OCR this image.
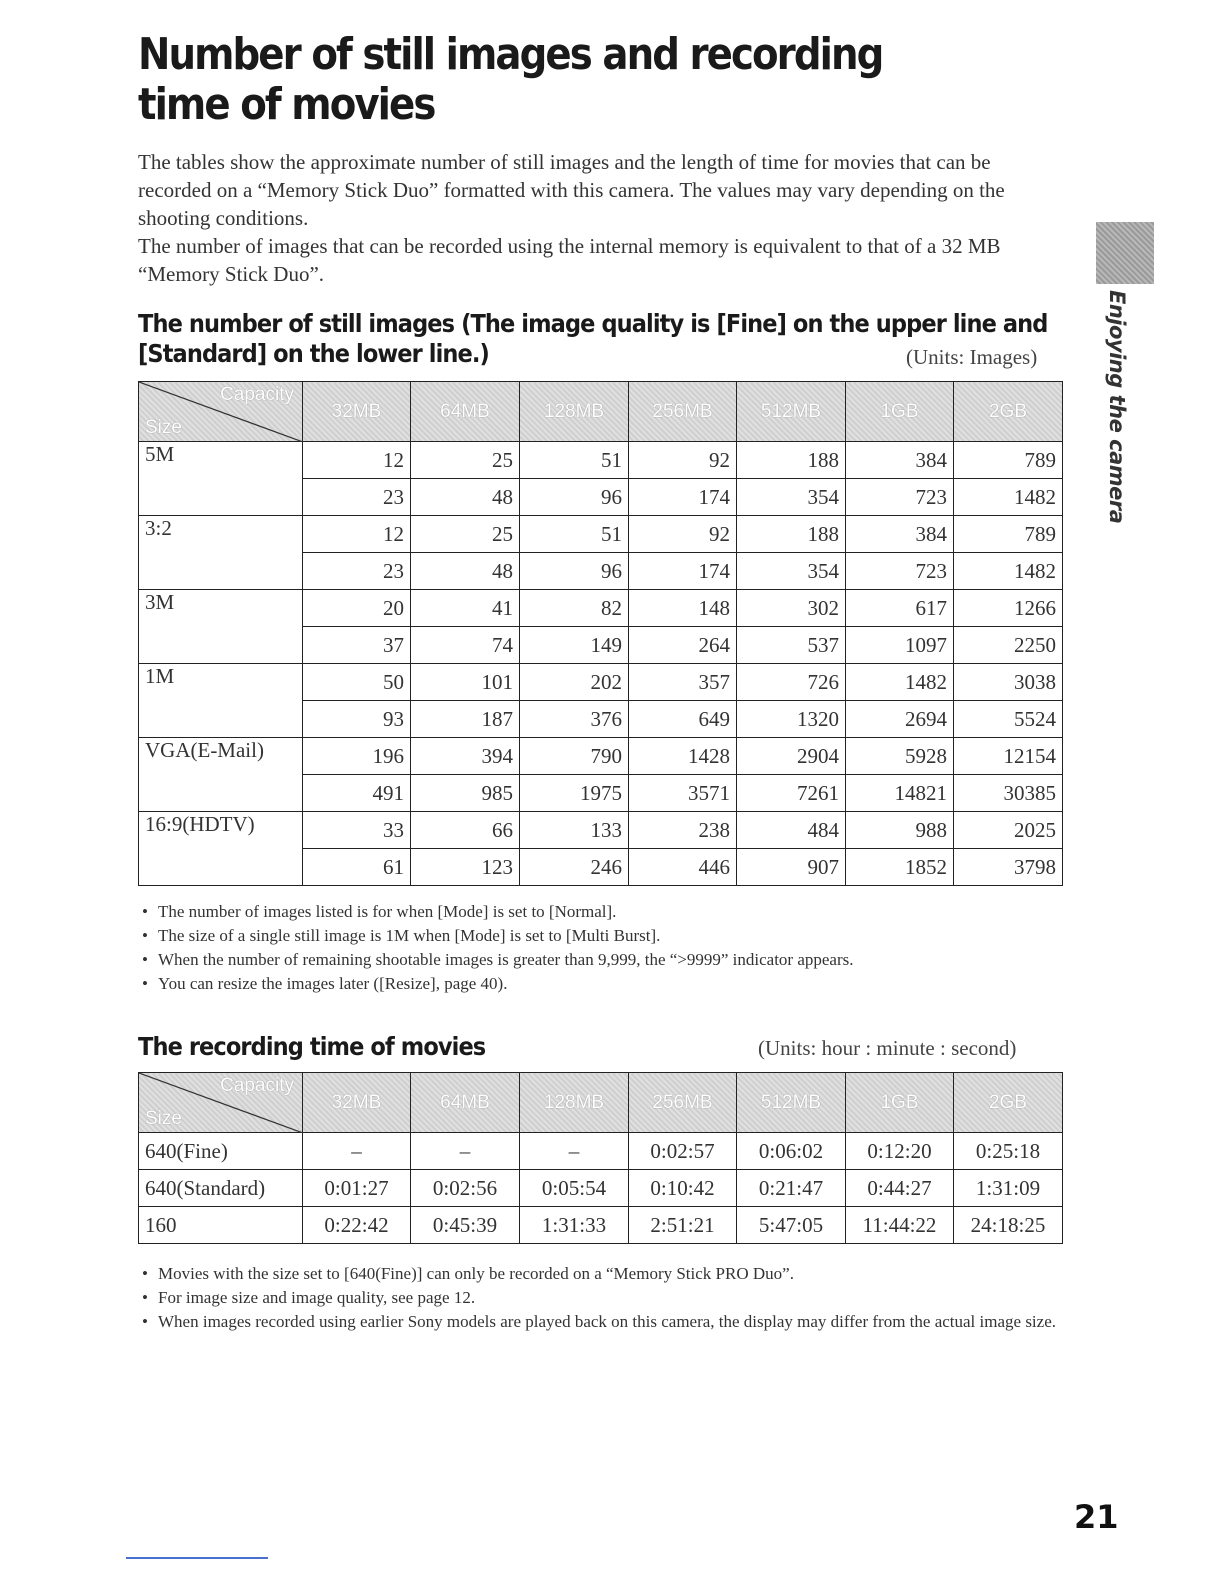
Number of still images and recording time of movies

The tables show the approximate number of still images and the length of time for movies that can be recorded on a “Memory Stick Duo” formatted with this camera. The values may vary depending on the shooting conditions.

The number of images that can be recorded using the internal memory is equivalent to that of a 32 MB “Memory Stick Duo”.

The number of still images (The image quality is [Fine] on the upper line and
[Standard] on the lower line.)	(Units: Images)
Capacity
Size	32MB	64MB	128MB	256MB	512MB	1GB	2GB
5M	12	25	51	92	188	384	789
	23	48	96	174	354	723	1482
3:2	12	25	51	92	188	384	789
	23	48	96	174	354	723	1482
3M	20	41	82	148	302	617	1266
	37	74	149	264	537	1097	2250
1M	50	101	202	357	726	1482	3038
	93	187	376	649	1320	2694	5524
VGA(E-Mail)	196	394	790	1428	2904	5928	12154
	491	985	1975	3571	7261	14821	30385
16:9(HDTV)	33	66	133	238	484	988	2025
	61	123	246	446	907	1852	3798
• The number of images listed is for when [Mode] is set to [Normal].
• The size of a single still image is 1M when [Mode] is set to [Multi Burst].
• When the number of remaining shootable images is greater than 9,999, the “>9999” indicator appears.
• You can resize the images later ([Resize], page 40).
The recording time of movies	(Units: hour : minute : second)
Capacity
Size	32MB	64MB	128MB	256MB	512MB	1GB	2GB
640(Fine)	–	–	–	0:02:57	0:06:02	0:12:20	0:25:18
640(Standard)	0:01:27	0:02:56	0:05:54	0:10:42	0:21:47	0:44:27	1:31:09
160	0:22:42	0:45:39	1:31:33	2:51:21	5:47:05	11:44:22	24:18:25
• Movies with the size set to [640(Fine)] can only be recorded on a “Memory Stick PRO Duo”.
• For image size and image quality, see page 12.
• When images recorded using earlier Sony models are played back on this camera, the display may differ from the actual image size.
Enjoying the camera
21
